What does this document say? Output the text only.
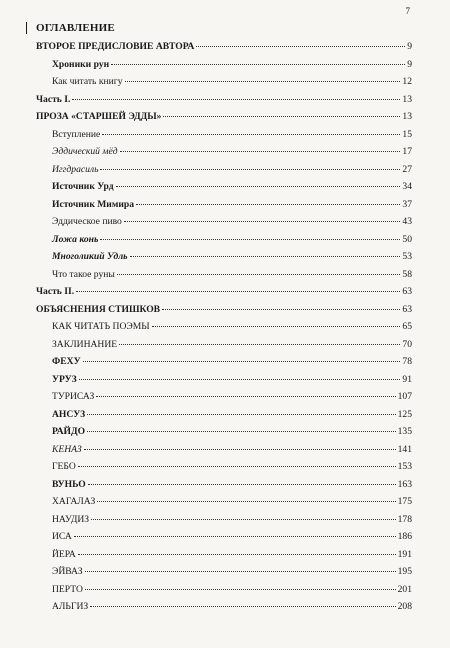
7
ОГЛАВЛЕНИЕ
ВТОРОЕ ПРЕДИСЛОВИЕ АВТОРА	9
Хроники рун	9
Как читать книгу	12
Часть I.	13
ПРОЗА «СТАРШЕЙ ЭДДЫ»	13
Вступление	15
Эддический мёд	17
Иггдрасиль	27
Источник Урд	34
Источник Мимира	37
Эддическое пиво	43
Ложа конь	50
Многоликий Удль	53
Что такое руны	58
Часть II.	63
ОБЪЯСНЕНИЯ СТИШКОВ	63
КАК ЧИТАТЬ ПОЭМЫ	65
ЗАКЛИНАНИЕ	70
ФЕХУ	78
УРУЗ	91
ТУРИСАЗ	107
АНСУЗ	125
РАЙДО	135
КЕНАЗ	141
ГЕБО	153
ВУНЬО	163
ХАГАЛАЗ	175
НАУДИЗ	178
ИСА	186
ЙЕРА	191
ЭЙВАЗ	195
ПЕРТО	201
АЛЬГИЗ	208
